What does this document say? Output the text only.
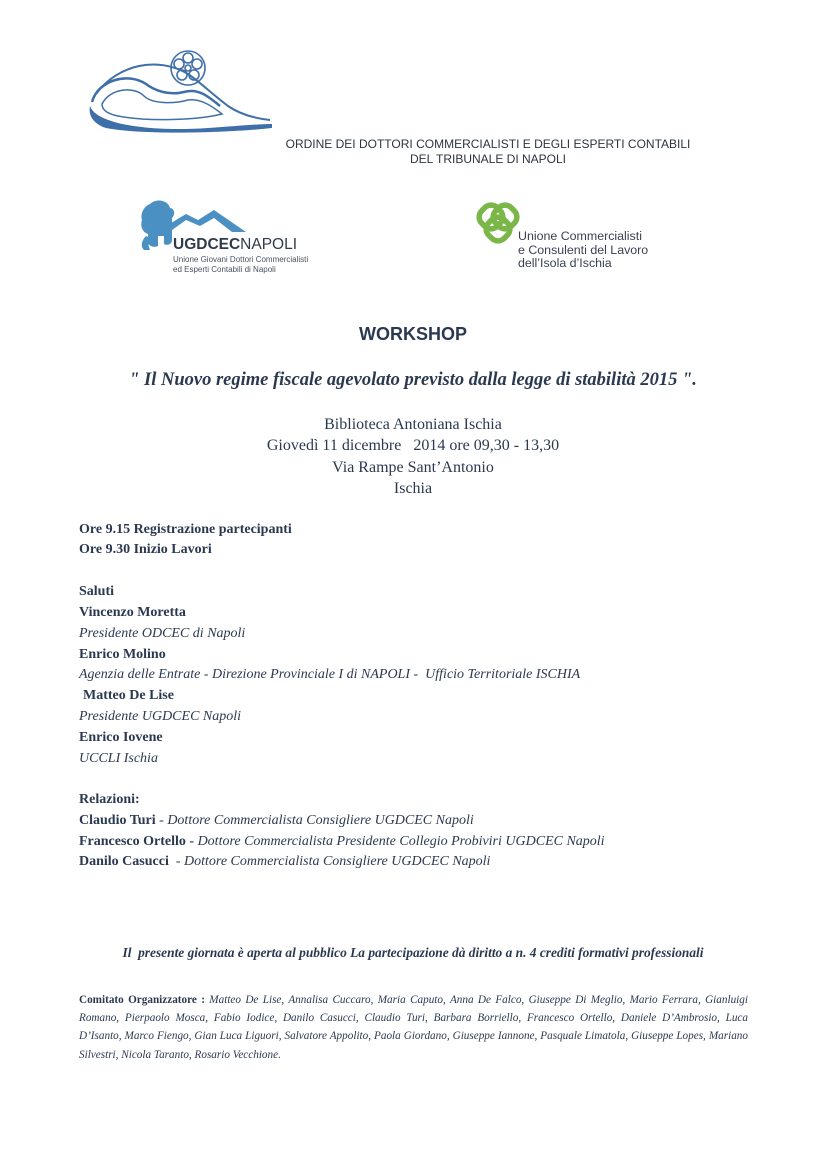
ORDINE DEI DOTTORI COMMERCIALISTI E DEGLI ESPERTI CONTABILI
DEL TRIBUNALE DI NAPOLI
UGDCECNAPOLI
Unione Giovani Dottori Commercialisti
ed Esperti Contabili di Napoli
Unione Commercialisti
e Consulenti del Lavoro
dell’Isola d’Ischia
WORKSHOP
" Il Nuovo regime fiscale agevolato previsto dalla legge di stabilità 2015 ".
Biblioteca Antoniana Ischia
Giovedì 11 dicembre   2014 ore 09,30 - 13,30
Via Rampe Sant’Antonio
Ischia
Ore 9.15 Registrazione partecipanti
Ore 9.30 Inizio Lavori
Saluti
Vincenzo Moretta
Presidente ODCEC di Napoli
Enrico Molino
Agenzia delle Entrate - Direzione Provinciale I di NAPOLI -  Ufficio Territoriale ISCHIA
Matteo De Lise
Presidente UGDCEC Napoli
Enrico Iovene
UCCLI Ischia
Relazioni:
Claudio Turi - Dottore Commercialista Consigliere UGDCEC Napoli
Francesco Ortello - Dottore Commercialista Presidente Collegio Probiviri UGDCEC Napoli
Danilo Casucci  - Dottore Commercialista Consigliere UGDCEC Napoli
Il  presente giornata è aperta al pubblico La partecipazione dà diritto a n. 4 crediti formativi professionali
Comitato Organizzatore : Matteo De Lise, Annalisa Cuccaro, Maria Caputo, Anna De Falco, Giuseppe Di Meglio, Mario Ferrara, Gianluigi Romano, Pierpaolo Mosca, Fabio Iodice, Danilo Casucci, Claudio Turi, Barbara Borriello, Francesco Ortello, Daniele D’Ambrosio, Luca D’Isanto, Marco Fiengo, Gian Luca Liguori, Salvatore Appolito, Paola Giordano, Giuseppe Iannone, Pasquale Limatola, Giuseppe Lopes, Mariano Silvestri, Nicola Taranto, Rosario Vecchione.
